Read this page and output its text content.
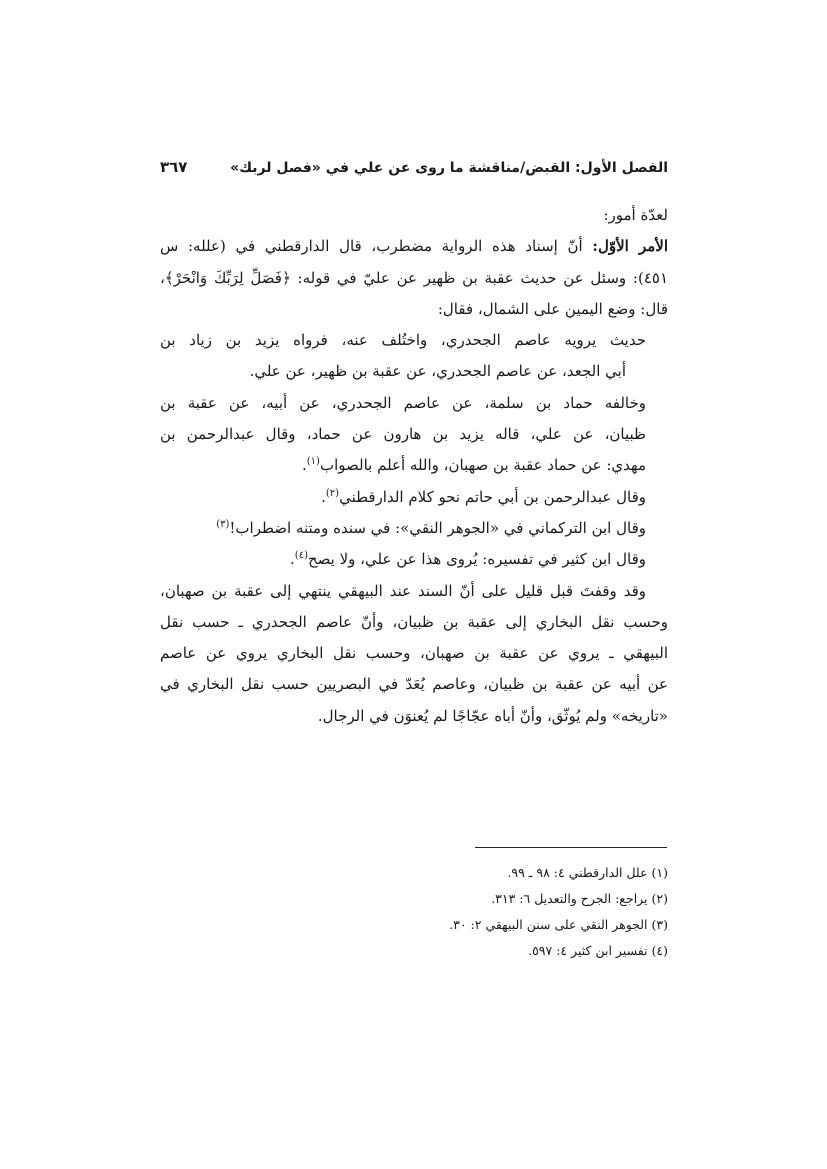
الفصل الأول: القبض/مناقشة ما روى عن علي في «فصل لربك»
٣٦٧
لعدّة أمور:
الأمر الأوّل: أنّ إسناد هذه الرواية مضطرب، قال الدارقطني في (علله: س
٤٥١): وسئل عن حديث عقبة بن ظهير عن عليّ في قوله: ﴿فَصَلِّ لِرَبِّكَ وَانْحَرْ﴾،
قال: وضع اليمين على الشمال، فقال:
حديث يرويه عاصم الجحدري، واختُلف عنه، فرواه يزيد بن زياد بن
أبي الجعد، عن عاصم الجحدري، عن عقبة بن ظهير، عن علي.
وخالفه حماد بن سلمة، عن عاصم الجحدري، عن أبيه، عن عقبة بن
ظبيان، عن علي، قاله يزيد بن هارون عن حماد، وقال عبدالرحمن بن
مهدي: عن حماد عقبة بن صهبان، والله أعلم بالصواب$^{(١)}$.
وقال عبدالرحمن بن أبي حاتم نحو كلام الدارقطني$^{(٢)}$.
وقال ابن التركماني في «الجوهر النقي»: في سنده ومتنه اضطراب!$^{(٣)}$
وقال ابن كثير في تفسيره: يُروى هذا عن علي، ولا يصح$^{(٤)}$.
وقد وقفتَ قبل قليل على أنّ السند عند البيهقي ينتهي إلى عقبة بن صهبان،
وحسب نقل البخاري إلى عقبة بن ظبيان، وأنّ عاصم الجحدري ـ حسب نقل
البيهقي ـ يروي عن عقبة بن صهبان، وحسب نقل البخاري يروي عن عاصم
عن أبيه عن عقبة بن ظبيان، وعاصم يُعَدّ في البصريين حسب نقل البخاري في
«تاريخه» ولم يُوثّق، وأنّ أباه عجّاجًا لم يُعنوَن في الرجال.
(١) علل الدارقطني ٤: ٩٨ ـ ٩٩.
(٢) يراجع: الجرح والتعديل ٦: ٣١٣.
(٣) الجوهر النقي على سنن البيهقي ٢: ٣٠.
(٤) تفسير ابن كثير ٤: ٥٩٧.
